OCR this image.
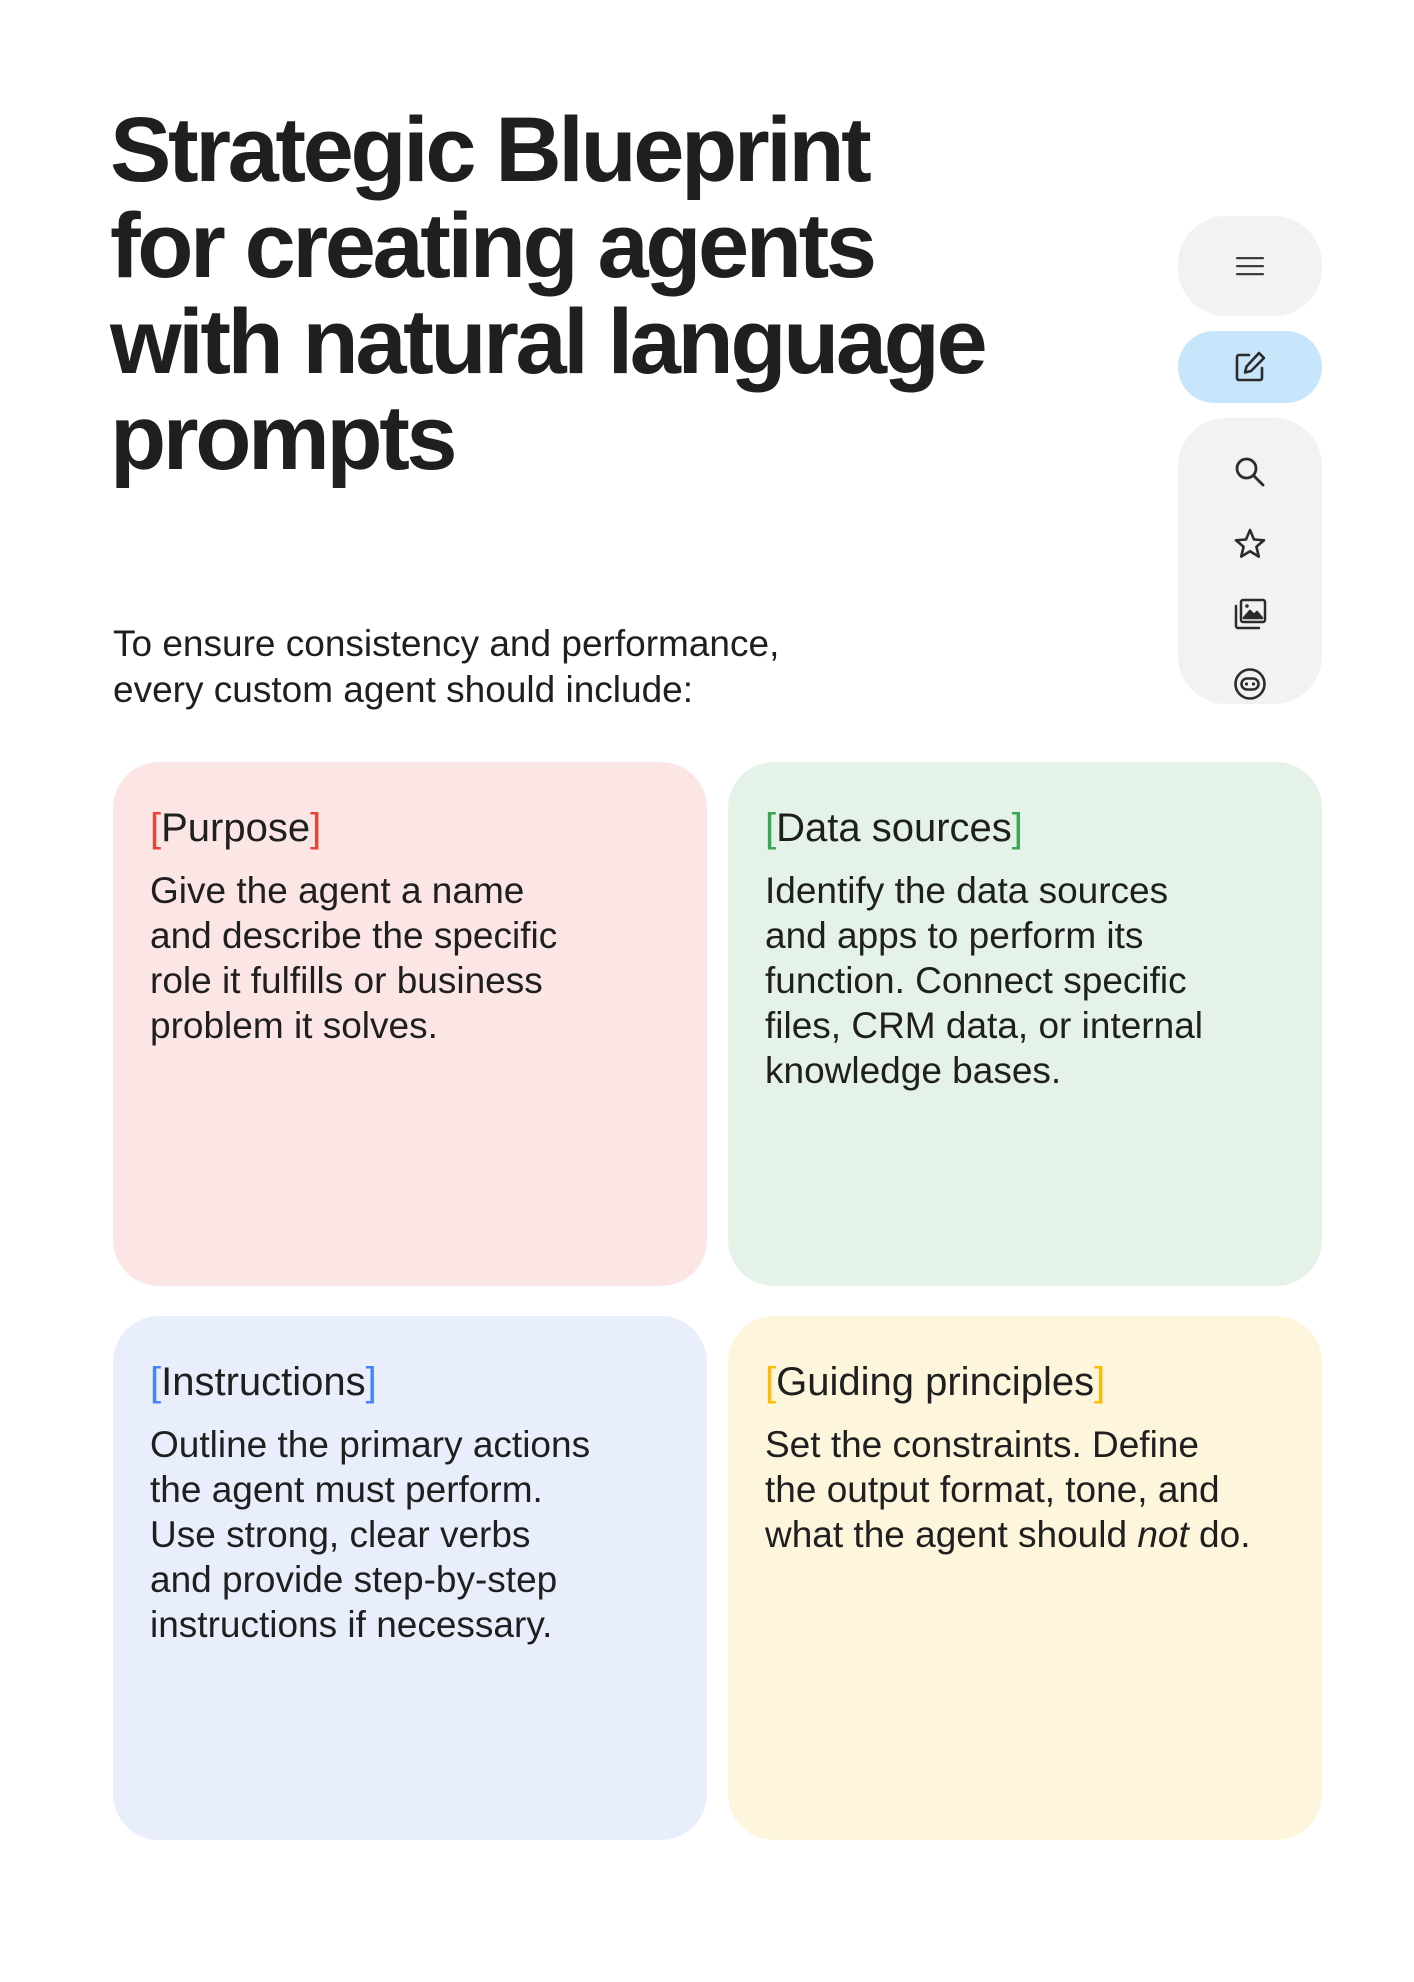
Strategic Blueprint
for creating agents
with natural language
prompts

To ensure consistency and performance,
every custom agent should include:

[Purpose]

Give the agent a name
and describe the specific
role it fulfills or business
problem it solves.

[Data sources]

Identify the data sources
and apps to perform its
function. Connect specific
files, CRM data, or internal
knowledge bases.

[Instructions]

Outline the primary actions
the agent must perform.
Use strong, clear verbs
and provide step-by-step
instructions if necessary.

[Guiding principles]

Set the constraints. Define
the output format, tone, and
what the agent should not do.
